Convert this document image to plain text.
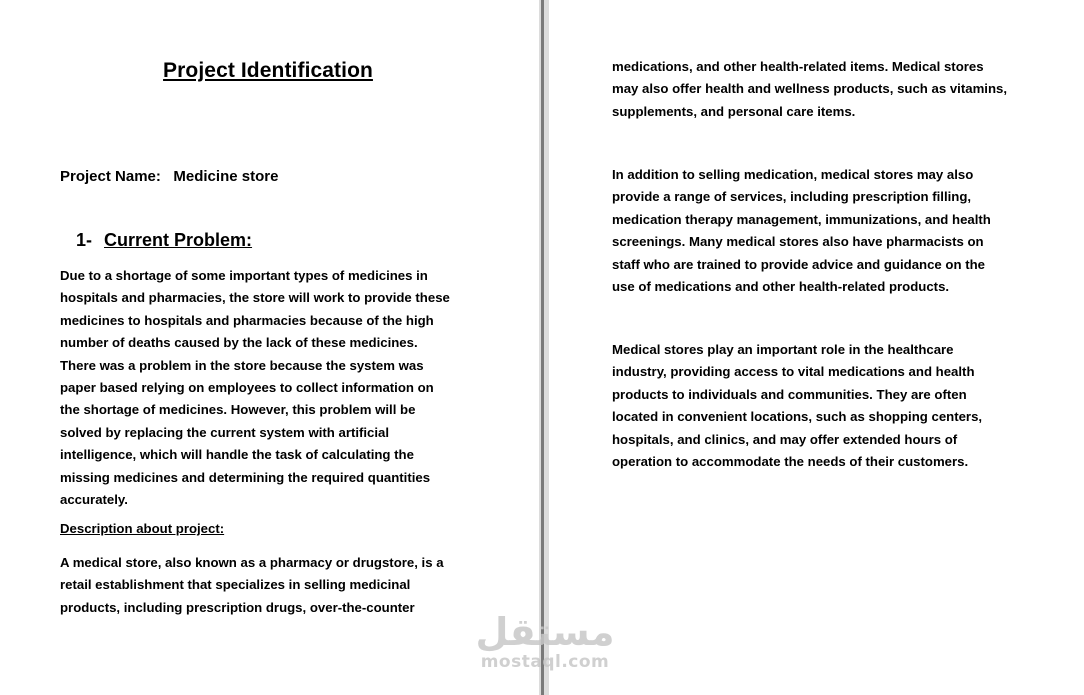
Project Identification
Project Name: Medicine store
1- Current Problem:

Due to a shortage of some important types of medicines in
hospitals and pharmacies, the store will work to provide these
medicines to hospitals and pharmacies because of the high
number of deaths caused by the lack of these medicines.
There was a problem in the store because the system was
paper based relying on employees to collect information on
the shortage of medicines. However, this problem will be
solved by replacing the current system with artificial
intelligence, which will handle the task of calculating the
missing medicines and determining the required quantities
accurately.

Description about project:

A medical store, also known as a pharmacy or drugstore, is a
retail establishment that specializes in selling medicinal
products, including prescription drugs, over-the-counter

medications, and other health-related items. Medical stores
may also offer health and wellness products, such as vitamins,
supplements, and personal care items.

In addition to selling medication, medical stores may also
provide a range of services, including prescription filling,
medication therapy management, immunizations, and health
screenings. Many medical stores also have pharmacists on
staff who are trained to provide advice and guidance on the
use of medications and other health-related products.

Medical stores play an important role in the healthcare
industry, providing access to vital medications and health
products to individuals and communities. They are often
located in convenient locations, such as shopping centers,
hospitals, and clinics, and may offer extended hours of
operation to accommodate the needs of their customers.

مستقل
mostaql.com
